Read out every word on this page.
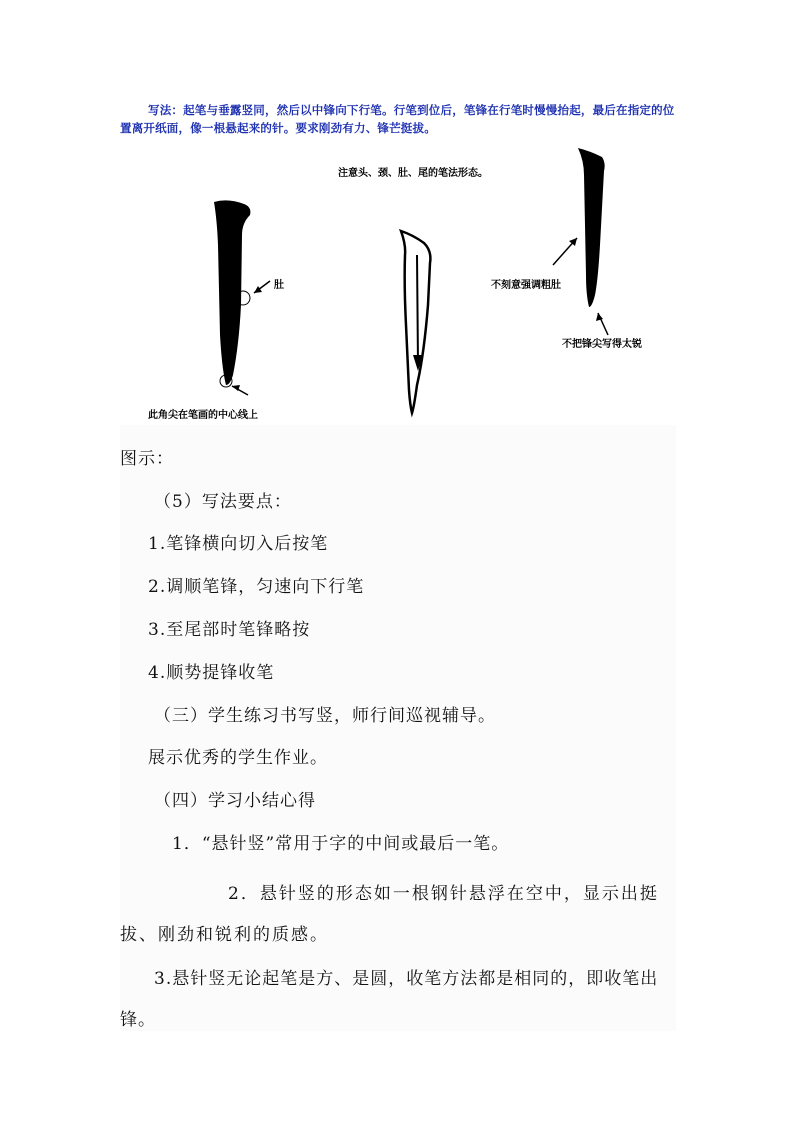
写法：起笔与垂露竖同，然后以中锋向下行笔。行笔到位后，笔锋在行笔时慢慢抬起，最后在指定的位置离开纸面，像一根悬起来的针。要求刚劲有力、锋芒挺拔。
注意头、颈、肚、尾的笔法形态。
肚
此角尖在笔画的中心线上
不刻意强调粗肚
不把锋尖写得太锐
图示：
（5）写法要点：
1.笔锋横向切入后按笔
2.调顺笔锋，匀速向下行笔
3.至尾部时笔锋略按
4.顺势提锋收笔
（三）学生练习书写竖，师行间巡视辅导。
展示优秀的学生作业。
（四）学习小结心得
1．“悬针竖”常用于字的中间或最后一笔。
2．悬针竖的形态如一根钢针悬浮在空中，显示出挺拔、刚劲和锐利的质感。
3.悬针竖无论起笔是方、是圆，收笔方法都是相同的，即收笔出锋。
